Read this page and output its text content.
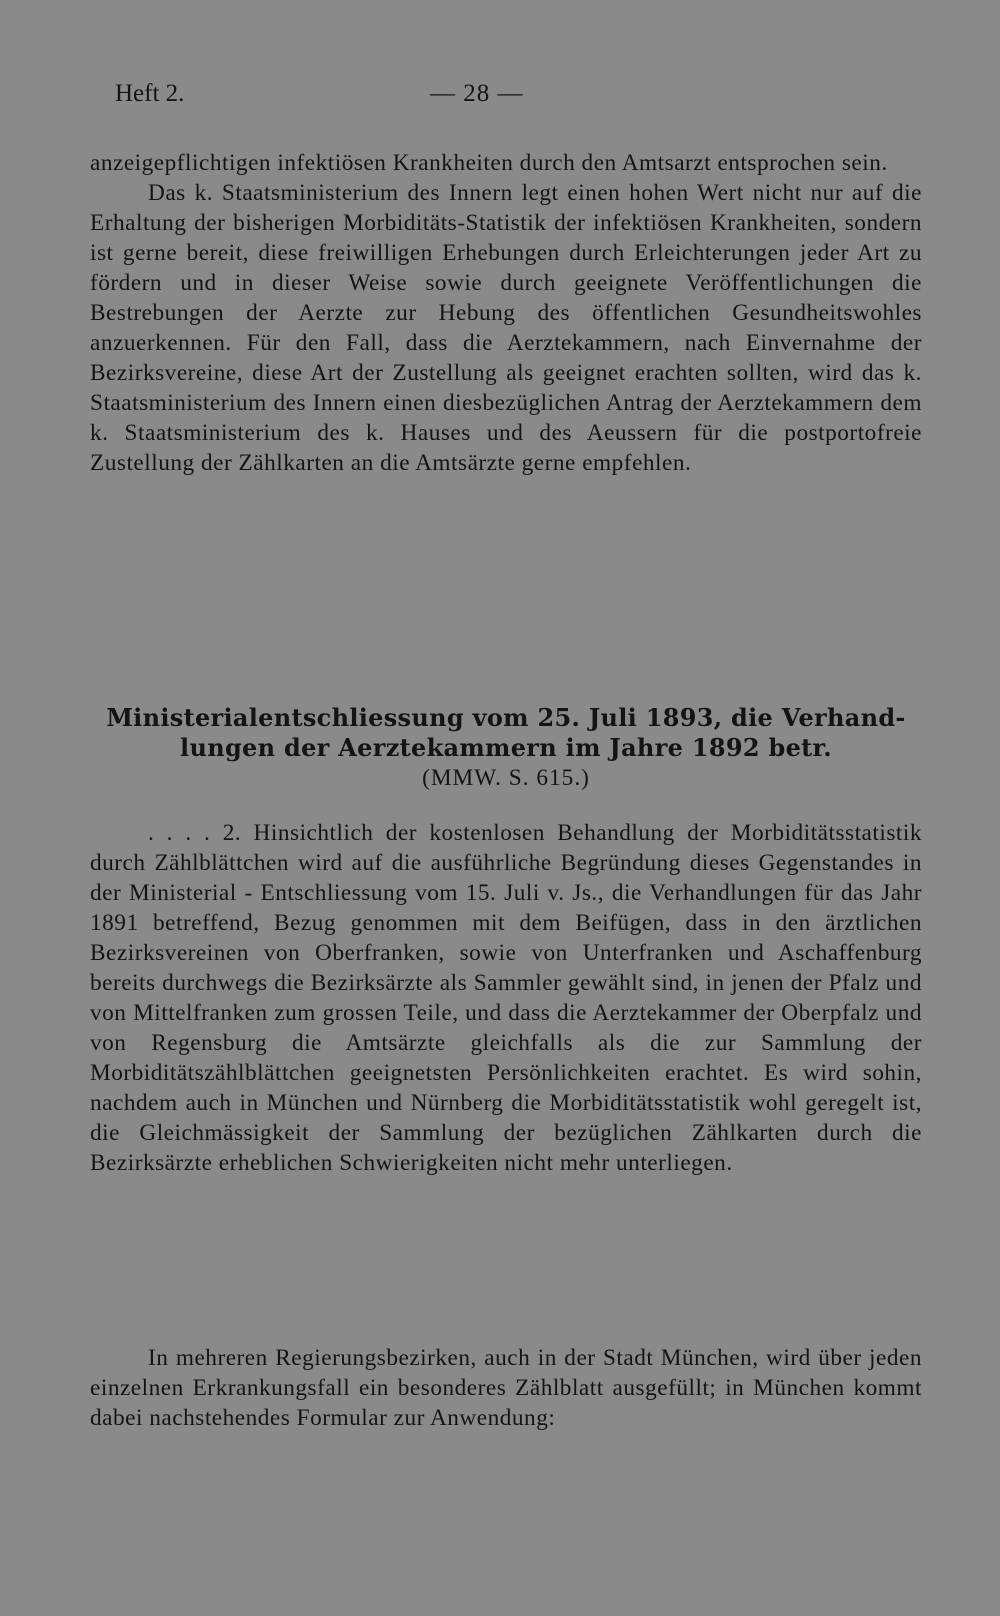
Heft 2.	— 28 —

anzeigepflichtigen infektiösen Krankheiten durch den Amtsarzt entsprochen sein.

Das k. Staatsministerium des Innern legt einen hohen Wert nicht nur auf die Erhaltung der bisherigen Morbiditäts-Statistik der infektiösen Krankheiten, sondern ist gerne bereit, diese freiwilligen Erhebungen durch Erleichterungen jeder Art zu fördern und in dieser Weise sowie durch geeignete Veröffentlichungen die Bestrebungen der Aerzte zur Hebung des öffentlichen Gesundheitswohles anzuerkennen. Für den Fall, dass die Aerztekammern, nach Einvernahme der Bezirksvereine, diese Art der Zustellung als geeignet erachten sollten, wird das k. Staatsministerium des Innern einen diesbezüglichen Antrag der Aerztekammern dem k. Staatsministerium des k. Hauses und des Aeussern für die postportofreie Zustellung der Zählkarten an die Amtsärzte gerne empfehlen.

Ministerialentschliessung vom 25. Juli 1893, die Verhand-
lungen der Aerztekammern im Jahre 1892 betr.
(MMW. S. 615.)

. . . . 2. Hinsichtlich der kostenlosen Behandlung der Morbiditätsstatistik durch Zählblättchen wird auf die ausführliche Begründung dieses Gegenstandes in der Ministerial - Entschliessung vom 15. Juli v. Js., die Verhandlungen für das Jahr 1891 betreffend, Bezug genommen mit dem Beifügen, dass in den ärztlichen Bezirksvereinen von Oberfranken, sowie von Unterfranken und Aschaffenburg bereits durchwegs die Bezirksärzte als Sammler gewählt sind, in jenen der Pfalz und von Mittelfranken zum grossen Teile, und dass die Aerztekammer der Oberpfalz und von Regensburg die Amtsärzte gleichfalls als die zur Sammlung der Morbiditätszählblättchen geeignetsten Persönlichkeiten erachtet. Es wird sohin, nachdem auch in München und Nürnberg die Morbiditätsstatistik wohl geregelt ist, die Gleichmässigkeit der Sammlung der bezüglichen Zählkarten durch die Bezirksärzte erheblichen Schwierigkeiten nicht mehr unterliegen.

In mehreren Regierungsbezirken, auch in der Stadt München, wird über jeden einzelnen Erkrankungsfall ein besonderes Zählblatt ausgefüllt; in München kommt dabei nachstehendes Formular zur Anwendung:
